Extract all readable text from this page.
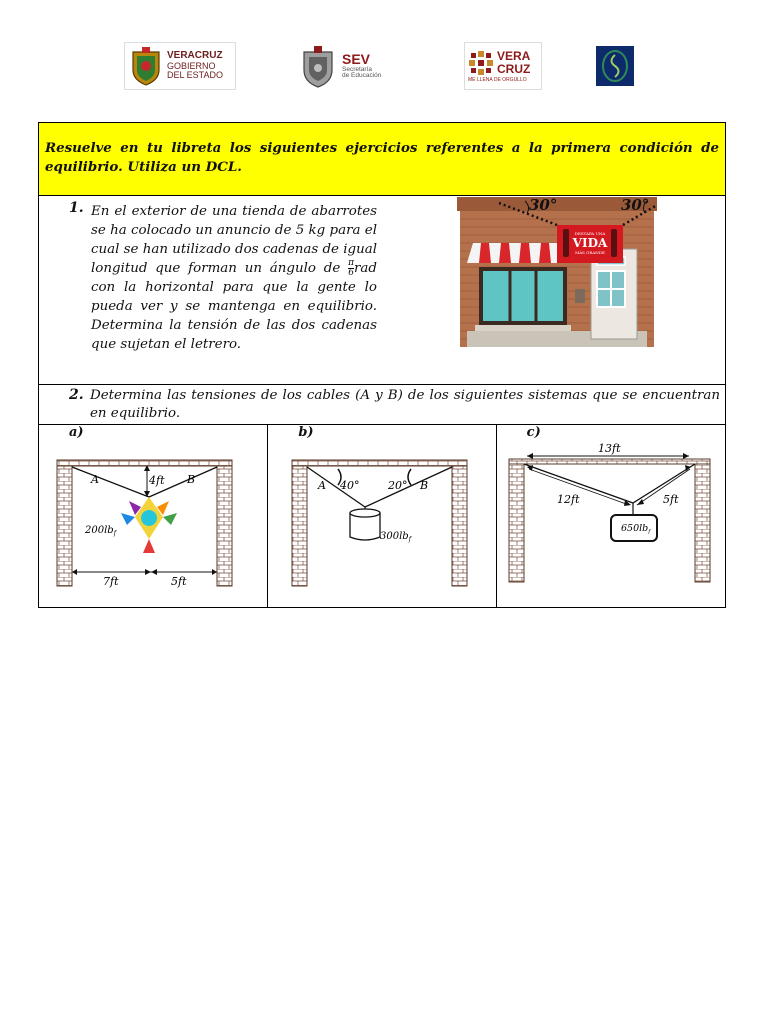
VERACRUZ
GOBIERNO
DEL ESTADO
SEV
Secretaría
de Educación
VERA
CRUZ
ME LLENA DE ORGULLO
Resuelve en tu libreta los siguientes ejercicios referentes a la primera condición de equilibrio. Utiliza un DCL.
1. En el exterior de una tienda de abarrotes se ha colocado un anuncio de 5 kg para el cual se han utilizado dos cadenas de igual longitud que forman un ángulo de $\frac{\pi}{6}$ rad con la horizontal para que la gente lo pueda ver y se mantenga en equilibrio. Determina la tensión de las dos cadenas que sujetan el letrero.
DESTAPA UNA
VIDA
MÁS GRANDE
30°	30°
2. Determina las tensiones de los cables (A y B) de los siguientes sistemas que se encuentran en equilibrio.
a)
A	B
4ft
$200lb_f$
7ft	5ft
b)
A 40°	20° B
$300lb_f$
c)
13ft
$650lb_f$
12ft	5ft
